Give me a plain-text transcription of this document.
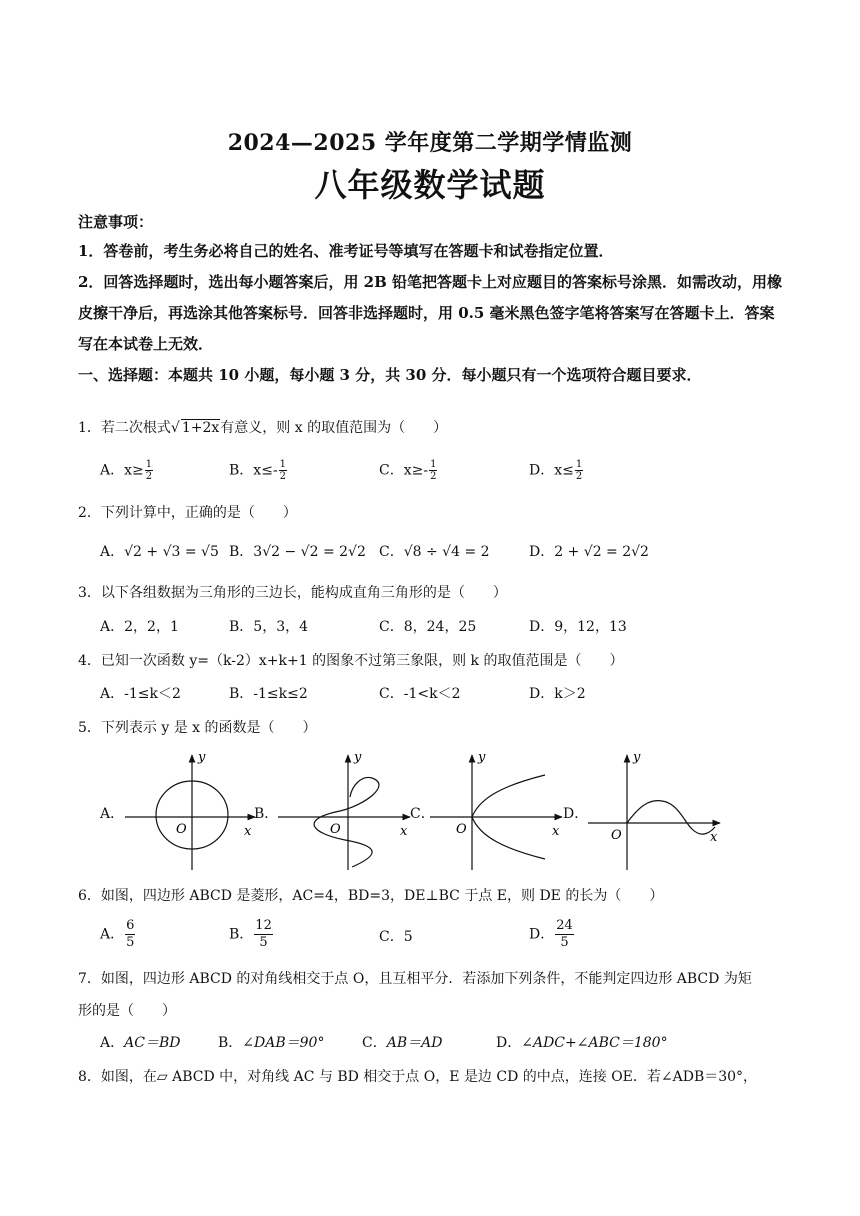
2024—2025 学年度第二学期学情监测
八年级数学试题
注意事项：
1．答卷前，考生务必将自己的姓名、准考证号等填写在答题卡和试卷指定位置．
2．回答选择题时，选出每小题答案后，用 2B 铅笔把答题卡上对应题目的答案标号涂黑．如需改动，用橡皮擦干净后，再选涂其他答案标号．回答非选择题时，用 0.5 毫米黑色签字笔将答案写在答题卡上．答案写在本试卷上无效．
一、选择题：本题共 10 小题，每小题 3 分，共 30 分．每小题只有一个选项符合题目要求．
1．若二次根式√ 1+2x有意义，则 x 的取值范围为（　　）
A．$x\ge \frac{1}{2}$	B．$x\le- \frac{1}{2}$	C．$x\ge- \frac{1}{2}$	D．$x\le \frac{1}{2}$
2．下列计算中，正确的是（　　）
A．√2 + √3 = √5 B．3√2 − √2 = 2√2 C．√8 ÷ √4 = 2	D．2 + √2 = 2√2
3．以下各组数据为三角形的三边长，能构成直角三角形的是（　　）
A．2，2，1	B．5，3，4	C．8，24，25	D．9，12，13
4．已知一次函数 y=（k-2）x+k+1 的图象不过第三象限，则 k 的取值范围是（　　）
A．-1≤k＜2	B．-1≤k≤2	C．-1<k＜2	D．k＞2
5．下列表示 y 是 x 的函数是（　　）
A．	B．	C．	D．
y
x
O
y
x
O
y
x
O
y
x
O
6．如图，四边形 ABCD 是菱形，AC=4，BD=3，DE⊥BC 于点 E，则 DE 的长为（　　）
A． $\frac{6}{5}$	B． $\frac{12}{5}$	C．5	D． $\frac{24}{5}$
7．如图，四边形 ABCD 的对角线相交于点 O，且互相平分．若添加下列条件，不能判定四边形 ABCD 为矩
形的是（　　）
A．AC＝BD	B．∠DAB＝90°	C．AB＝AD	D．∠ADC+∠ABC＝180°
8．如图，在▱ ABCD 中，对角线 AC 与 BD 相交于点 O，E 是边 CD 的中点，连接 OE．若∠ADB＝30°，
